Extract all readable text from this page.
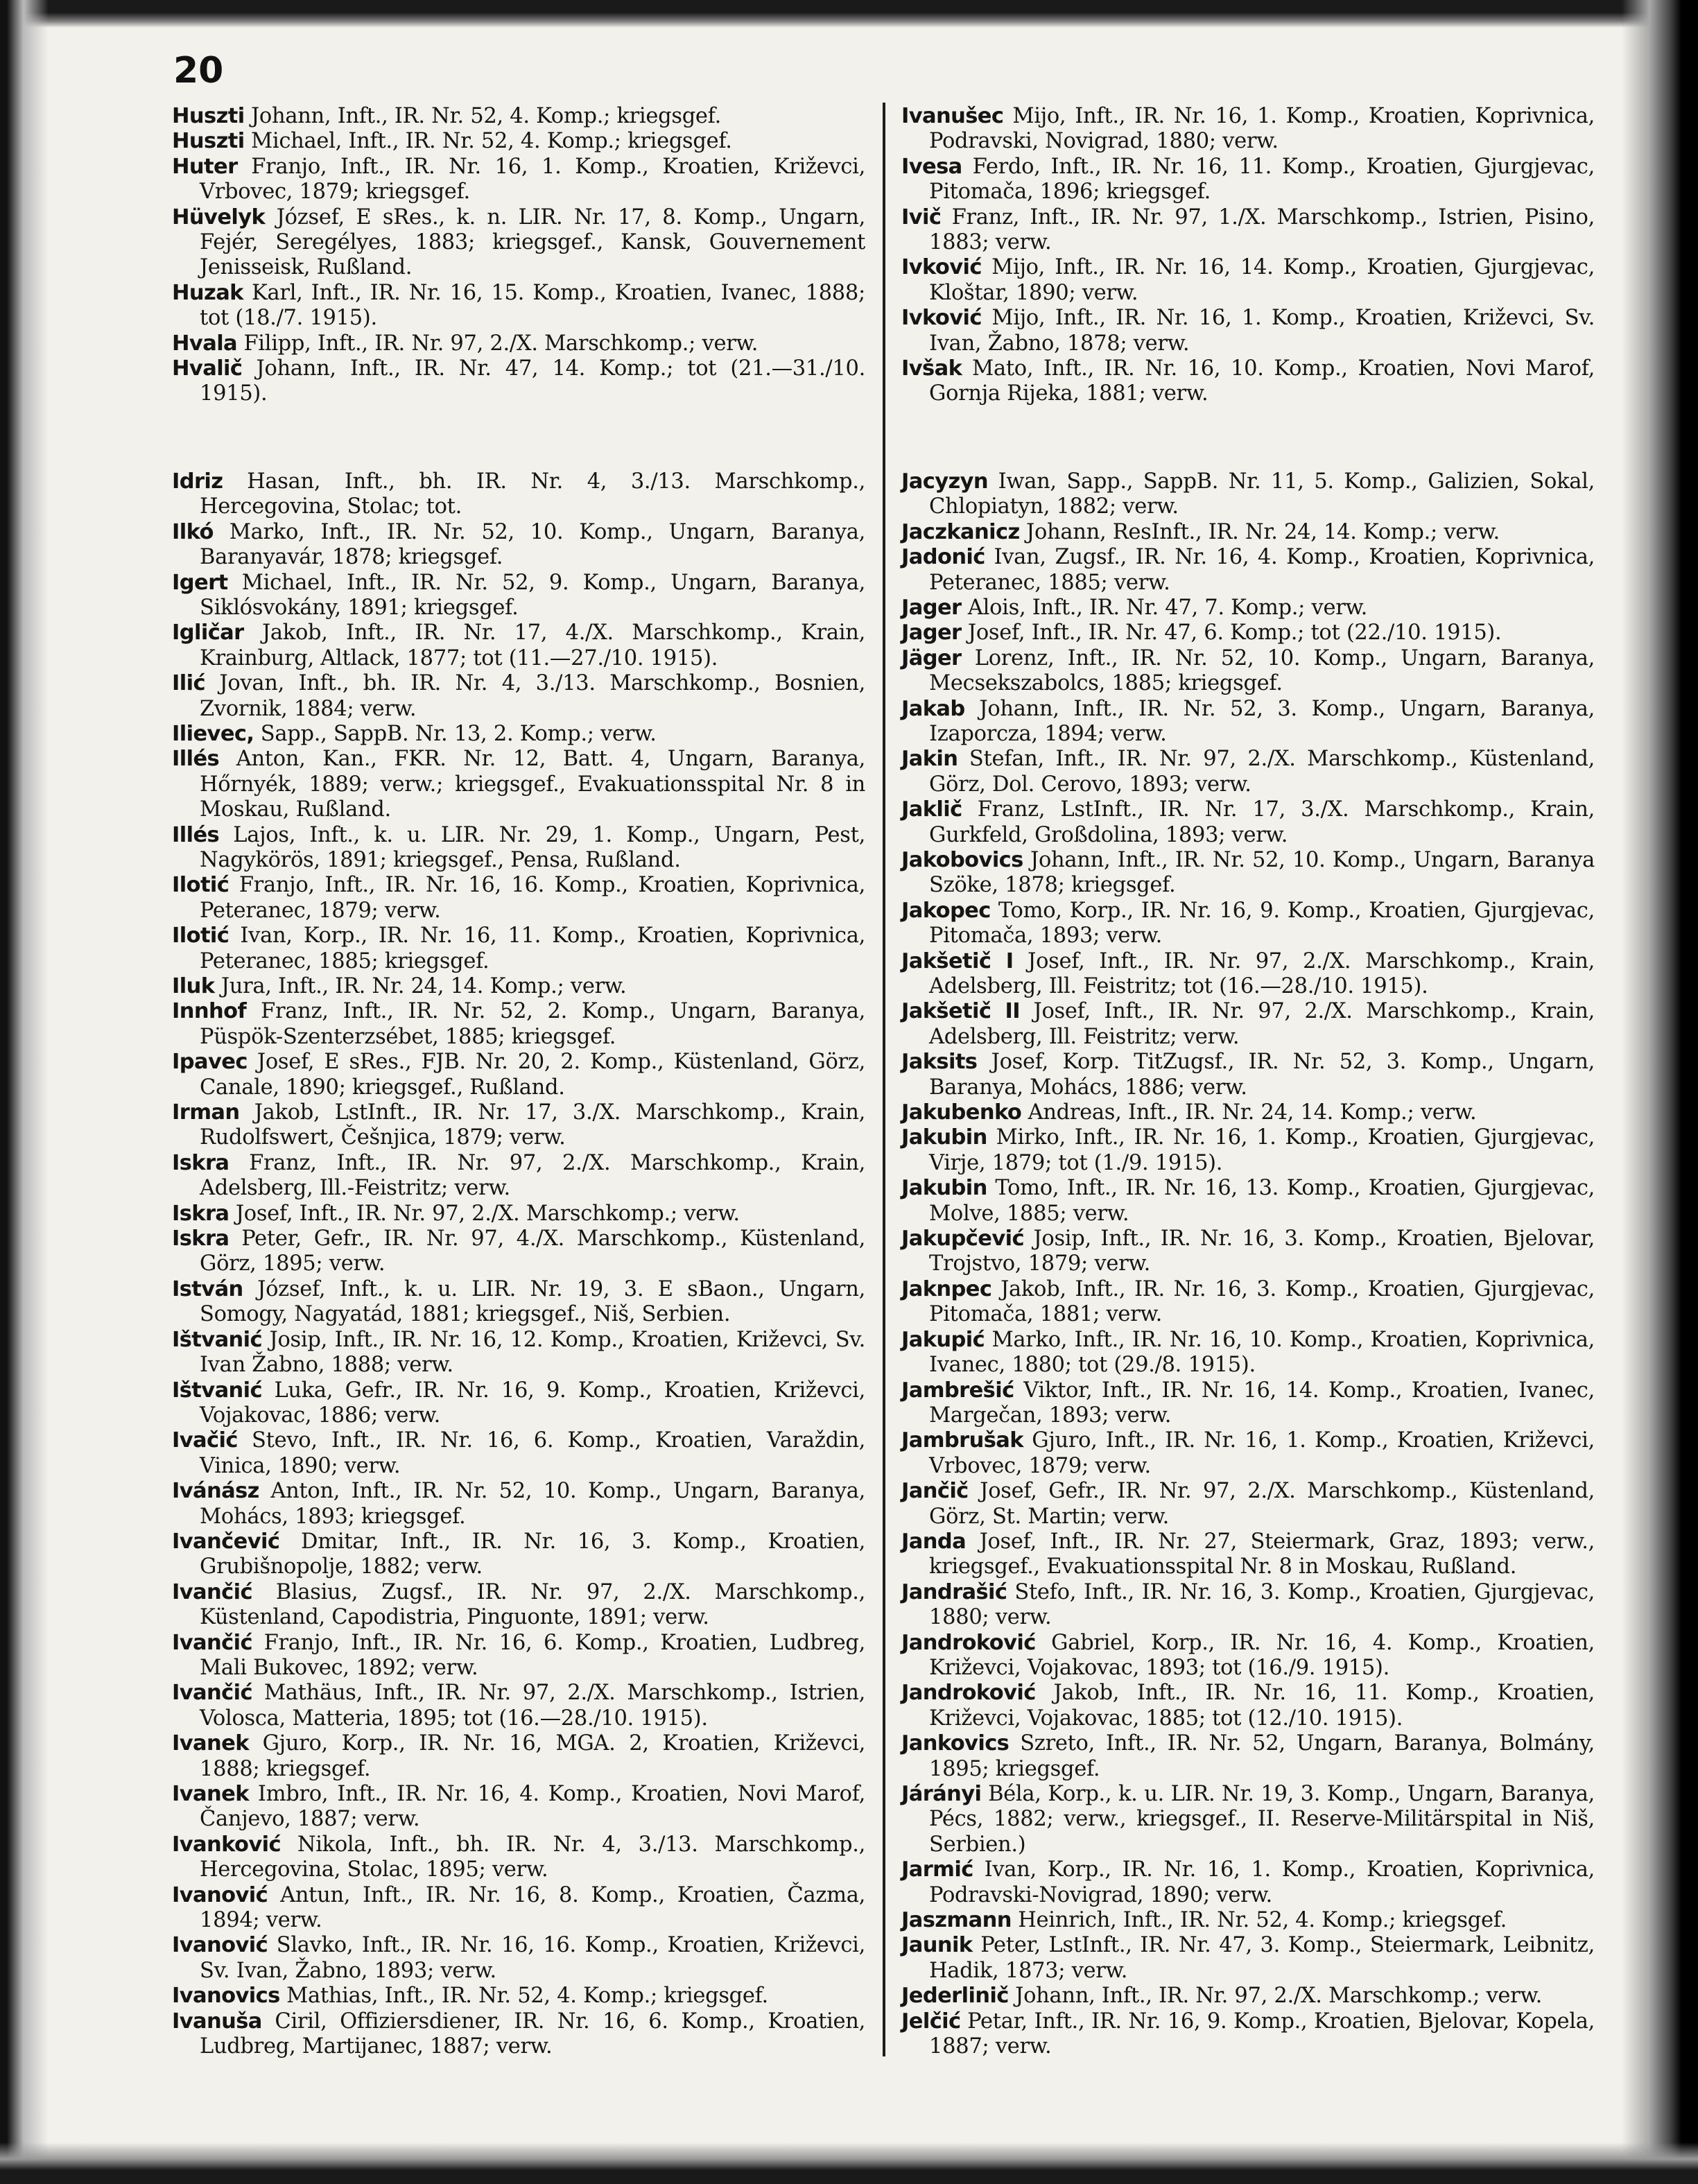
20

Huszti Johann, Inft., IR. Nr. 52, 4. Komp.; kriegsgef.

Huszti Michael, Inft., IR. Nr. 52, 4. Komp.; kriegsgef.

Huter Franjo, Inft., IR. Nr. 16, 1. Komp., Kroatien, Križevci, Vrbovec, 1879; kriegsgef.

Hüvelyk József, E sRes., k. n. LIR. Nr. 17, 8. Komp., Ungarn, Fejér, Seregélyes, 1883; kriegsgef., Kansk, Gouvernement Jenisseisk, Rußland.

Huzak Karl, Inft., IR. Nr. 16, 15. Komp., Kroatien, Ivanec, 1888; tot (18./7. 1915).

Hvala Filipp, Inft., IR. Nr. 97, 2./X. Marschkomp.; verw.

Hvalič Johann, Inft., IR. Nr. 47, 14. Komp.; tot (21.—31./10. 1915).

Idriz Hasan, Inft., bh. IR. Nr. 4, 3./13. Marschkomp., Hercegovina, Stolac; tot.

Ilkó Marko, Inft., IR. Nr. 52, 10. Komp., Ungarn, Baranya, Baranyavár, 1878; kriegsgef.

Igert Michael, Inft., IR. Nr. 52, 9. Komp., Ungarn, Baranya, Siklósvokány, 1891; kriegsgef.

Igličar Jakob, Inft., IR. Nr. 17, 4./X. Marschkomp., Krain, Krainburg, Altlack, 1877; tot (11.—27./10. 1915).

Ilić Jovan, Inft., bh. IR. Nr. 4, 3./13. Marschkomp., Bosnien, Zvornik, 1884; verw.

Ilievec, Sapp., SappB. Nr. 13, 2. Komp.; verw.

Illés Anton, Kan., FKR. Nr. 12, Batt. 4, Ungarn, Baranya, Hőrnyék, 1889; verw.; kriegsgef., Evakuationsspital Nr. 8 in Moskau, Rußland.

Illés Lajos, Inft., k. u. LIR. Nr. 29, 1. Komp., Ungarn, Pest, Nagykörös, 1891; kriegsgef., Pensa, Rußland.

Ilotić Franjo, Inft., IR. Nr. 16, 16. Komp., Kroatien, Koprivnica, Peteranec, 1879; verw.

Ilotić Ivan, Korp., IR. Nr. 16, 11. Komp., Kroatien, Koprivnica, Peteranec, 1885; kriegsgef.

Iluk Jura, Inft., IR. Nr. 24, 14. Komp.; verw.

Innhof Franz, Inft., IR. Nr. 52, 2. Komp., Ungarn, Baranya, Püspök-Szenterzsébet, 1885; kriegsgef.

Ipavec Josef, E sRes., FJB. Nr. 20, 2. Komp., Küstenland, Görz, Canale, 1890; kriegsgef., Rußland.

Irman Jakob, LstInft., IR. Nr. 17, 3./X. Marschkomp., Krain, Rudolfswert, Češnjica, 1879; verw.

Iskra Franz, Inft., IR. Nr. 97, 2./X. Marschkomp., Krain, Adelsberg, Ill.-Feistritz; verw.

Iskra Josef, Inft., IR. Nr. 97, 2./X. Marschkomp.; verw.

Iskra Peter, Gefr., IR. Nr. 97, 4./X. Marschkomp., Küstenland, Görz, 1895; verw.

István József, Inft., k. u. LIR. Nr. 19, 3. E sBaon., Ungarn, Somogy, Nagyatád, 1881; kriegsgef., Niš, Serbien.

Ištvanić Josip, Inft., IR. Nr. 16, 12. Komp., Kroatien, Križevci, Sv. Ivan Žabno, 1888; verw.

Ištvanić Luka, Gefr., IR. Nr. 16, 9. Komp., Kroatien, Križevci, Vojakovac, 1886; verw.

Ivačić Stevo, Inft., IR. Nr. 16, 6. Komp., Kroatien, Varaždin, Vinica, 1890; verw.

Ivánász Anton, Inft., IR. Nr. 52, 10. Komp., Ungarn, Baranya, Mohács, 1893; kriegsgef.

Ivančević Dmitar, Inft., IR. Nr. 16, 3. Komp., Kroatien, Grubišnopolje, 1882; verw.

Ivančić Blasius, Zugsf., IR. Nr. 97, 2./X. Marschkomp., Küstenland, Capodistria, Pinguonte, 1891; verw.

Ivančić Franjo, Inft., IR. Nr. 16, 6. Komp., Kroatien, Ludbreg, Mali Bukovec, 1892; verw.

Ivančić Mathäus, Inft., IR. Nr. 97, 2./X. Marschkomp., Istrien, Volosca, Matteria, 1895; tot (16.—28./10. 1915).

Ivanek Gjuro, Korp., IR. Nr. 16, MGA. 2, Kroatien, Križevci, 1888; kriegsgef.

Ivanek Imbro, Inft., IR. Nr. 16, 4. Komp., Kroatien, Novi Marof, Čanjevo, 1887; verw.

Ivanković Nikola, Inft., bh. IR. Nr. 4, 3./13. Marschkomp., Hercegovina, Stolac, 1895; verw.

Ivanović Antun, Inft., IR. Nr. 16, 8. Komp., Kroatien, Čazma, 1894; verw.

Ivanović Slavko, Inft., IR. Nr. 16, 16. Komp., Kroatien, Križevci, Sv. Ivan, Žabno, 1893; verw.

Ivanovics Mathias, Inft., IR. Nr. 52, 4. Komp.; kriegsgef.

Ivanuša Ciril, Offiziersdiener, IR. Nr. 16, 6. Komp., Kroatien, Ludbreg, Martijanec, 1887; verw.

Ivanušec Mijo, Inft., IR. Nr. 16, 1. Komp., Kroatien, Koprivnica, Podravski, Novigrad, 1880; verw.

Ivesa Ferdo, Inft., IR. Nr. 16, 11. Komp., Kroatien, Gjurgjevac, Pitomača, 1896; kriegsgef.

Ivič Franz, Inft., IR. Nr. 97, 1./X. Marschkomp., Istrien, Pisino, 1883; verw.

Ivković Mijo, Inft., IR. Nr. 16, 14. Komp., Kroatien, Gjurgjevac, Kloštar, 1890; verw.

Ivković Mijo, Inft., IR. Nr. 16, 1. Komp., Kroatien, Križevci, Sv. Ivan, Žabno, 1878; verw.

Ivšak Mato, Inft., IR. Nr. 16, 10. Komp., Kroatien, Novi Marof, Gornja Rijeka, 1881; verw.

Jacyzyn Iwan, Sapp., SappB. Nr. 11, 5. Komp., Galizien, Sokal, Chlopiatyn, 1882; verw.

Jaczkanicz Johann, ResInft., IR. Nr. 24, 14. Komp.; verw.

Jadonić Ivan, Zugsf., IR. Nr. 16, 4. Komp., Kroatien, Koprivnica, Peteranec, 1885; verw.

Jager Alois, Inft., IR. Nr. 47, 7. Komp.; verw.

Jager Josef, Inft., IR. Nr. 47, 6. Komp.; tot (22./10. 1915).

Jäger Lorenz, Inft., IR. Nr. 52, 10. Komp., Ungarn, Baranya, Mecsekszabolcs, 1885; kriegsgef.

Jakab Johann, Inft., IR. Nr. 52, 3. Komp., Ungarn, Baranya, Izaporcza, 1894; verw.

Jakin Stefan, Inft., IR. Nr. 97, 2./X. Marschkomp., Küstenland, Görz, Dol. Cerovo, 1893; verw.

Jaklič Franz, LstInft., IR. Nr. 17, 3./X. Marschkomp., Krain, Gurkfeld, Großdolina, 1893; verw.

Jakobovics Johann, Inft., IR. Nr. 52, 10. Komp., Ungarn, Baranya Szöke, 1878; kriegsgef.

Jakopec Tomo, Korp., IR. Nr. 16, 9. Komp., Kroatien, Gjurgjevac, Pitomača, 1893; verw.

Jakšetič I Josef, Inft., IR. Nr. 97, 2./X. Marschkomp., Krain, Adelsberg, Ill. Feistritz; tot (16.—28./10. 1915).

Jakšetič II Josef, Inft., IR. Nr. 97, 2./X. Marschkomp., Krain, Adelsberg, Ill. Feistritz; verw.

Jaksits Josef, Korp. TitZugsf., IR. Nr. 52, 3. Komp., Ungarn, Baranya, Mohács, 1886; verw.

Jakubenko Andreas, Inft., IR. Nr. 24, 14. Komp.; verw.

Jakubin Mirko, Inft., IR. Nr. 16, 1. Komp., Kroatien, Gjurgjevac, Virje, 1879; tot (1./9. 1915).

Jakubin Tomo, Inft., IR. Nr. 16, 13. Komp., Kroatien, Gjurgjevac, Molve, 1885; verw.

Jakupčević Josip, Inft., IR. Nr. 16, 3. Komp., Kroatien, Bjelovar, Trojstvo, 1879; verw.

Jaknpec Jakob, Inft., IR. Nr. 16, 3. Komp., Kroatien, Gjurgjevac, Pitomača, 1881; verw.

Jakupić Marko, Inft., IR. Nr. 16, 10. Komp., Kroatien, Koprivnica, Ivanec, 1880; tot (29./8. 1915).

Jambrešić Viktor, Inft., IR. Nr. 16, 14. Komp., Kroatien, Ivanec, Margečan, 1893; verw.

Jambrušak Gjuro, Inft., IR. Nr. 16, 1. Komp., Kroatien, Križevci, Vrbovec, 1879; verw.

Jančič Josef, Gefr., IR. Nr. 97, 2./X. Marschkomp., Küstenland, Görz, St. Martin; verw.

Janda Josef, Inft., IR. Nr. 27, Steiermark, Graz, 1893; verw., kriegsgef., Evakuationsspital Nr. 8 in Moskau, Rußland.

Jandrašić Stefo, Inft., IR. Nr. 16, 3. Komp., Kroatien, Gjurgjevac, 1880; verw.

Jandroković Gabriel, Korp., IR. Nr. 16, 4. Komp., Kroatien, Križevci, Vojakovac, 1893; tot (16./9. 1915).

Jandroković Jakob, Inft., IR. Nr. 16, 11. Komp., Kroatien, Križevci, Vojakovac, 1885; tot (12./10. 1915).

Jankovics Szreto, Inft., IR. Nr. 52, Ungarn, Baranya, Bolmány, 1895; kriegsgef.

Járányi Béla, Korp., k. u. LIR. Nr. 19, 3. Komp., Ungarn, Baranya, Pécs, 1882; verw., kriegsgef., II. Reserve-Militärspital in Niš, Serbien.)

Jarmić Ivan, Korp., IR. Nr. 16, 1. Komp., Kroatien, Koprivnica, Podravski-Novigrad, 1890; verw.

Jaszmann Heinrich, Inft., IR. Nr. 52, 4. Komp.; kriegsgef.

Jaunik Peter, LstInft., IR. Nr. 47, 3. Komp., Steiermark, Leibnitz, Hadik, 1873; verw.

Jederlinič Johann, Inft., IR. Nr. 97, 2./X. Marschkomp.; verw.

Jelčić Petar, Inft., IR. Nr. 16, 9. Komp., Kroatien, Bjelovar, Kopela, 1887; verw.
